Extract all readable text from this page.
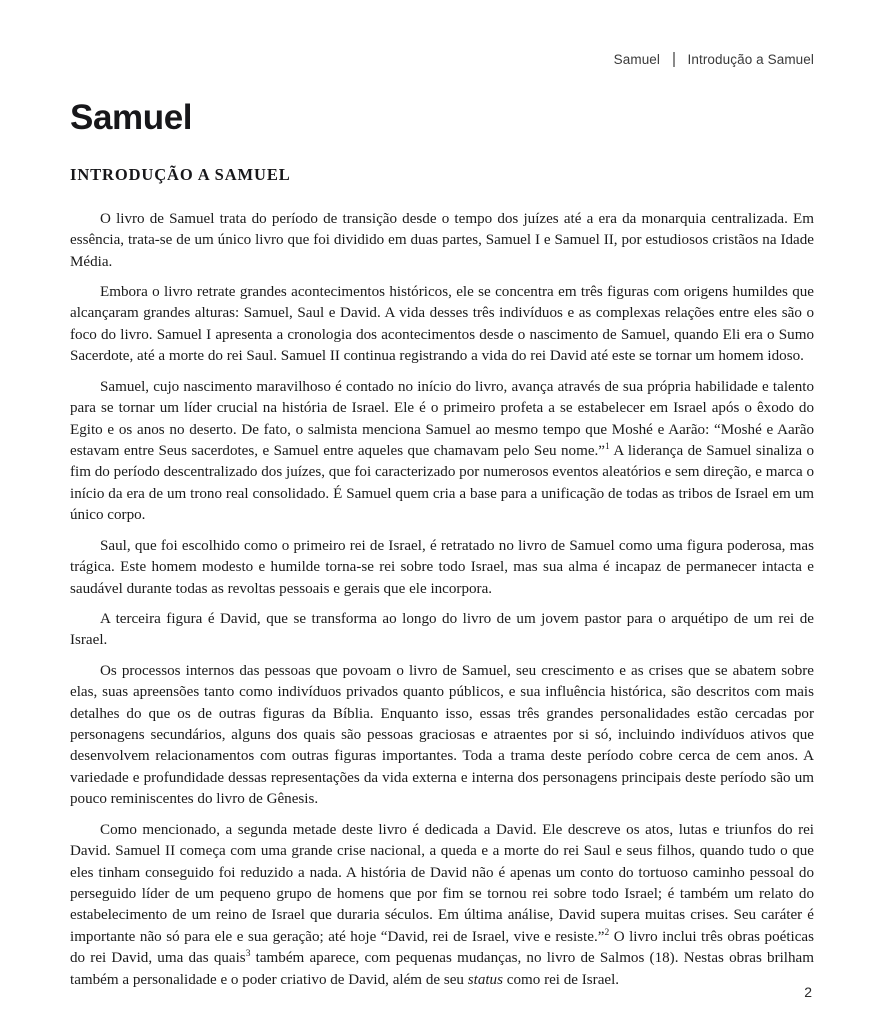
Samuel Introdução a Samuel
Samuel
INTRODUÇÃO A SAMUEL

O livro de Samuel trata do período de transição desde o tempo dos juízes até a era da monarquia centralizada. Em essência, trata-se de um único livro que foi dividido em duas partes, Samuel I e Samuel II, por estudiosos cristãos na Idade Média.

Embora o livro retrate grandes acontecimentos históricos, ele se concentra em três figuras com origens humildes que alcançaram grandes alturas: Samuel, Saul e David. A vida desses três indivíduos e as complexas relações entre eles são o foco do livro. Samuel I apresenta a cronologia dos acontecimentos desde o nascimento de Samuel, quando Eli era o Sumo Sacerdote, até a morte do rei Saul. Samuel II continua registrando a vida do rei David até este se tornar um homem idoso.

Samuel, cujo nascimento maravilhoso é contado no início do livro, avança através de sua própria habilidade e talento para se tornar um líder crucial na história de Israel. Ele é o primeiro profeta a se estabelecer em Israel após o êxodo do Egito e os anos no deserto. De fato, o salmista menciona Samuel ao mesmo tempo que Moshé e Aarão: “Moshé e Aarão estavam entre Seus sacerdotes, e Samuel entre aqueles que chamavam pelo Seu nome.”$^1$ A liderança de Samuel sinaliza o fim do período descentralizado dos juízes, que foi caracterizado por numerosos eventos aleatórios e sem direção, e marca o início da era de um trono real consolidado. É Samuel quem cria a base para a unificação de todas as tribos de Israel em um único corpo.

Saul, que foi escolhido como o primeiro rei de Israel, é retratado no livro de Samuel como uma figura poderosa, mas trágica. Este homem modesto e humilde torna-se rei sobre todo Israel, mas sua alma é incapaz de permanecer intacta e saudável durante todas as revoltas pessoais e gerais que ele incorpora.

A terceira figura é David, que se transforma ao longo do livro de um jovem pastor para o arquétipo de um rei de Israel.

Os processos internos das pessoas que povoam o livro de Samuel, seu crescimento e as crises que se abatem sobre elas, suas apreensões tanto como indivíduos privados quanto públicos, e sua influência histórica, são descritos com mais detalhes do que os de outras figuras da Bíblia. Enquanto isso, essas três grandes personalidades estão cercadas por personagens secundários, alguns dos quais são pessoas graciosas e atraentes por si só, incluindo indivíduos ativos que desenvolvem relacionamentos com outras figuras importantes. Toda a trama deste período cobre cerca de cem anos. A variedade e profundidade dessas representações da vida externa e interna dos personagens principais deste período são um pouco reminiscentes do livro de Gênesis.

Como mencionado, a segunda metade deste livro é dedicada a David. Ele descreve os atos, lutas e triunfos do rei David. Samuel II começa com uma grande crise nacional, a queda e a morte do rei Saul e seus filhos, quando tudo o que eles tinham conseguido foi reduzido a nada. A história de David não é apenas um conto do tortuoso caminho pessoal do perseguido líder de um pequeno grupo de homens que por fim se tornou rei sobre todo Israel; é também um relato do estabelecimento de um reino de Israel que duraria séculos. Em última análise, David supera muitas crises. Seu caráter é importante não só para ele e sua geração; até hoje “David, rei de Israel, vive e resiste.”$^2$ O livro inclui três obras poéticas do rei David, uma das quais$^3$ também aparece, com pequenas mudanças, no livro de Salmos (18). Nestas obras brilham também a personalidade e o poder criativo de David, além de seu status como rei de Israel.

2
